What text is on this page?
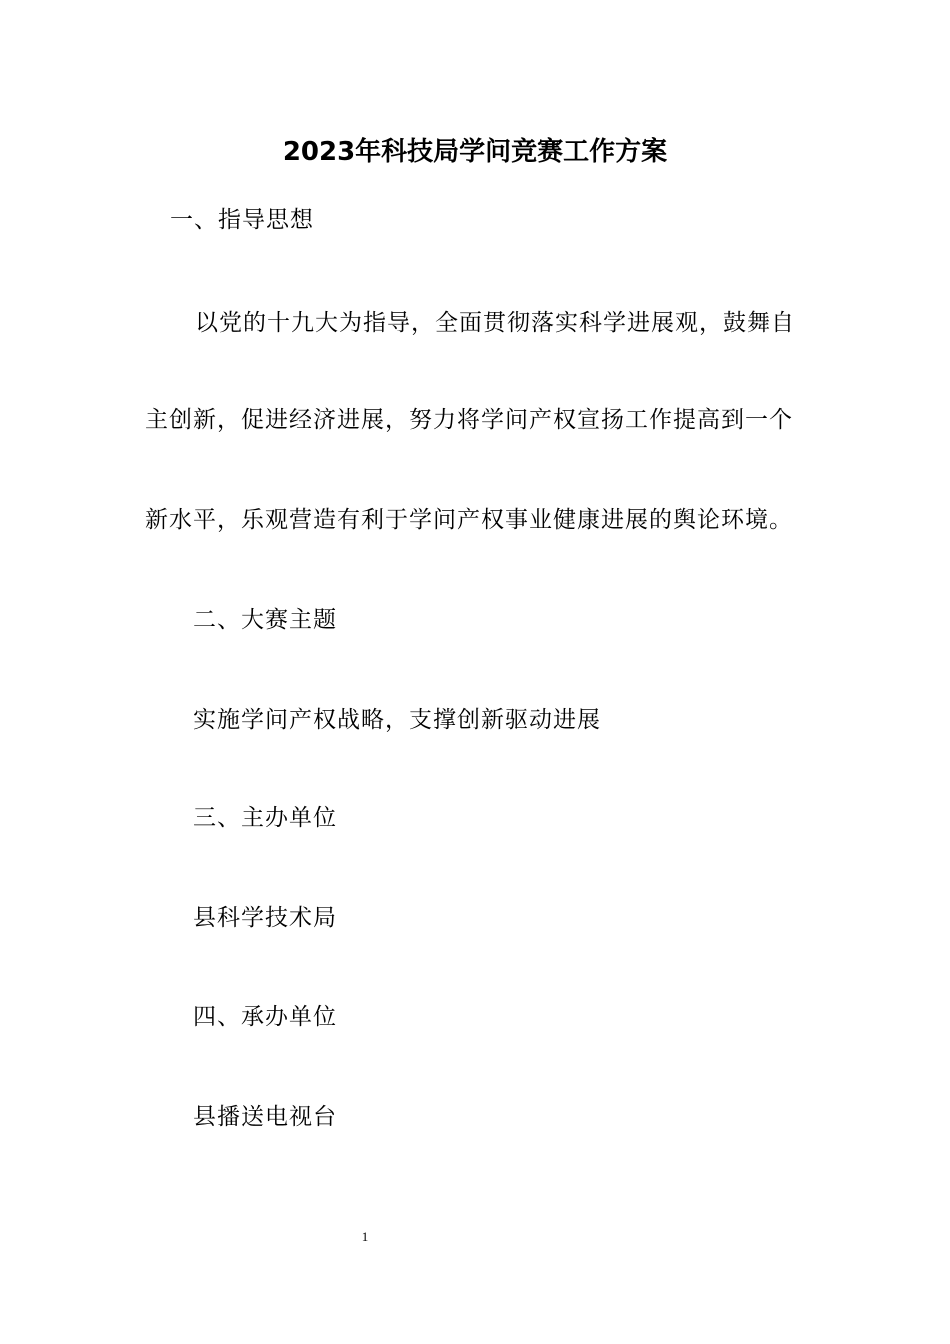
2023年科技局学问竞赛工作方案

一、指导思想

以党的十九大为指导，全面贯彻落实科学进展观，鼓舞自

主创新，促进经济进展，努力将学问产权宣扬工作提高到一个

新水平，乐观营造有利于学问产权事业健康进展的舆论环境。

二、大赛主题

实施学问产权战略，支撑创新驱动进展

三、主办单位

县科学技术局

四、承办单位

县播送电视台

1
